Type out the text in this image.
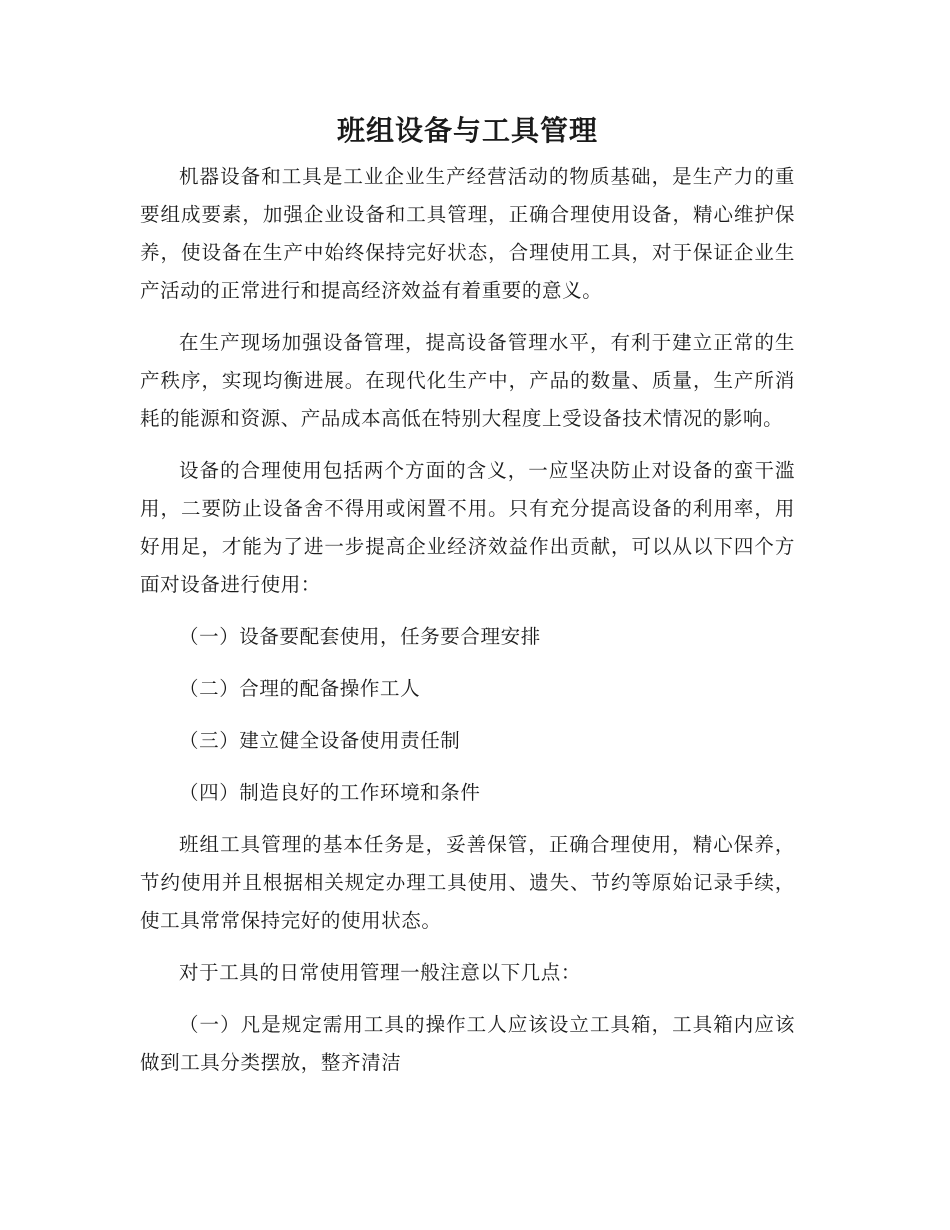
班组设备与工具管理

机器设备和工具是工业企业生产经营活动的物质基础，是生产力的重要组成要素，加强企业设备和工具管理，正确合理使用设备，精心维护保养，使设备在生产中始终保持完好状态，合理使用工具，对于保证企业生产活动的正常进行和提高经济效益有着重要的意义。

在生产现场加强设备管理，提高设备管理水平，有利于建立正常的生产秩序，实现均衡进展。在现代化生产中，产品的数量、质量，生产所消耗的能源和资源、产品成本高低在特别大程度上受设备技术情况的影响。

设备的合理使用包括两个方面的含义，一应坚决防止对设备的蛮干滥用，二要防止设备舍不得用或闲置不用。只有充分提高设备的利用率，用好用足，才能为了进一步提高企业经济效益作出贡献，可以从以下四个方面对设备进行使用：

（一）设备要配套使用，任务要合理安排

（二）合理的配备操作工人

（三）建立健全设备使用责任制

（四）制造良好的工作环境和条件

班组工具管理的基本任务是，妥善保管，正确合理使用，精心保养，节约使用并且根据相关规定办理工具使用、遗失、节约等原始记录手续，使工具常常保持完好的使用状态。

对于工具的日常使用管理一般注意以下几点：

（一）凡是规定需用工具的操作工人应该设立工具箱，工具箱内应该做到工具分类摆放，整齐清洁
